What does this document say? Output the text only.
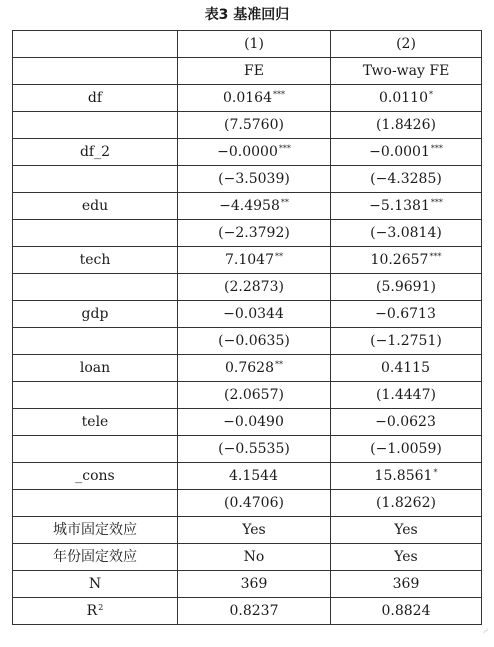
表3 基准回归
	(1)	(2)
	FE	Two-way FE
df	0.0164***	0.0110*
	(7.5760)	(1.8426)
df_2	−0.0000***	−0.0001***
	(−3.5039)	(−4.3285)
edu	−4.4958**	−5.1381***
	(−2.3792)	(−3.0814)
tech	7.1047**	10.2657***
	(2.2873)	(5.9691)
gdp	−0.0344	−0.6713
	(−0.0635)	(−1.2751)
loan	0.7628**	0.4115
	(2.0657)	(1.4447)
tele	−0.0490	−0.0623
	(−0.5535)	(−1.0059)
_cons	4.1544	15.8561*
	(0.4706)	(1.8262)
城市固定效应	Yes	Yes
年份固定效应	No	Yes
N	369	369
$R^2$	0.8237	0.8824
~
